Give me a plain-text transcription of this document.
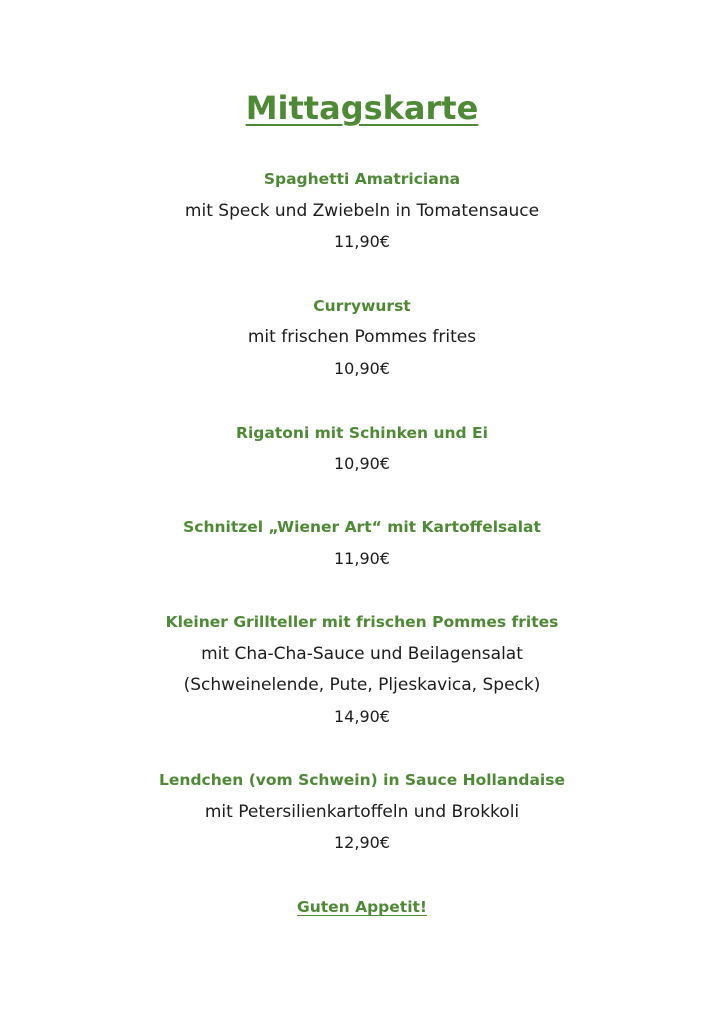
Mittagskarte
Spaghetti Amatriciana
mit Speck und Zwiebeln in Tomatensauce
11,90€
Currywurst
mit frischen Pommes frites
10,90€
Rigatoni mit Schinken und Ei
10,90€
Schnitzel „Wiener Art“ mit Kartoffelsalat
11,90€
Kleiner Grillteller mit frischen Pommes frites
mit Cha-Cha-Sauce und Beilagensalat
(Schweinelende, Pute, Pljeskavica, Speck)
14,90€
Lendchen (vom Schwein) in Sauce Hollandaise
mit Petersilienkartoffeln und Brokkoli
12,90€
Guten Appetit!
